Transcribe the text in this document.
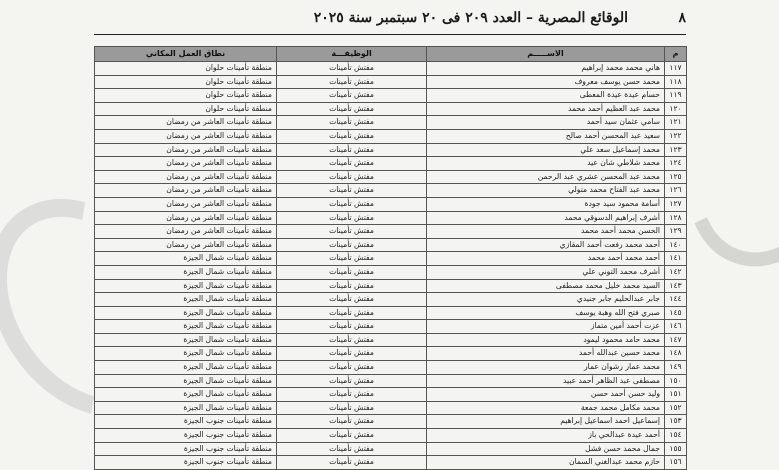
٨
الوقائع المصرية – العدد ٢٠٩ فى ٢٠ سبتمبر سنة ٢٠٢٥
م	الاســـــم	الوظيفـــة	نطاق العمل المكاني
١١٧	هاني محمد محمد إبراهيم	مفتش تأمينات	منطقة تأمينات حلوان
١١٨	محمد حسن يوسف معروف	مفتش تأمينات	منطقة تأمينات حلوان
١١٩	حسام عيدة عيدة المعطى	مفتش تأمينات	منطقة تأمينات حلوان
١٢٠	محمد عبد العظيم أحمد محمد	مفتش تأمينات	منطقة تأمينات حلوان
١٢١	سامي عثمان سيد أحمد	مفتش تأمينات	منطقة تأمينات العاشر من رمضان
١٢٢	سعيد عبد المحسن أحمد صالح	مفتش تأمينات	منطقة تأمينات العاشر من رمضان
١٢٣	محمد إسماعيل سعد علي	مفتش تأمينات	منطقة تأمينات العاشر من رمضان
١٢٤	محمد شلاطي شان عيد	مفتش تأمينات	منطقة تأمينات العاشر من رمضان
١٢٥	محمد عبد المحسن عشري عبد الرحمن	مفتش تأمينات	منطقة تأمينات العاشر من رمضان
١٢٦	محمد عبد الفتاح محمد متولي	مفتش تأمينات	منطقة تأمينات العاشر من رمضان
١٢٧	أسامة محمود سيد جودة	مفتش تأمينات	منطقة تأمينات العاشر من رمضان
١٢٨	أشرف إبراهيم الدسوقي محمد	مفتش تأمينات	منطقة تأمينات العاشر من رمضان
١٢٩	الحسن محمد أحمد محمد	مفتش تأمينات	منطقة تأمينات العاشر من رمضان
١٤٠	أحمد محمد رفعت أحمد المقازي	مفتش تأمينات	منطقة تأمينات العاشر من رمضان
١٤١	أحمد محمد أحمد محمد	مفتش تأمينات	منطقة تأمينات شمال الجيزة
١٤٢	أشرف محمد التوني علي	مفتش تأمينات	منطقة تأمينات شمال الجيزة
١٤٣	السيد محمد خليل محمد مصطفى	مفتش تأمينات	منطقة تأمينات شمال الجيزة
١٤٤	جابر عبدالحليم جابر جنيدي	مفتش تأمينات	منطقة تأمينات شمال الجيزة
١٤٥	صبري فتح الله وهبة يوسف	مفتش تأمينات	منطقة تأمينات شمال الجيزة
١٤٦	عزت أحمد أمين متماز	مفتش تأمينات	منطقة تأمينات شمال الجيزة
١٤٧	محمد حامد محمود ليمود	مفتش تأمينات	منطقة تأمينات شمال الجيزة
١٤٨	محمد حسين عبدالله أحمد	مفتش تأمينات	منطقة تأمينات شمال الجيزة
١٤٩	محمد عمار رشوان عمار	مفتش تأمينات	منطقة تأمينات شمال الجيزة
١٥٠	مصطفى عبد الظاهر أحمد عبيد	مفتش تأمينات	منطقة تأمينات شمال الجيزة
١٥١	وليد حسن أحمد حسن	مفتش تأمينات	منطقة تأمينات شمال الجيزة
١٥٢	محمد مكامل محمد جمعة	مفتش تأمينات	منطقة تأمينات شمال الجيزة
١٥٣	إسماعيل احمد اسماعيل إبراهيم	مفتش تأمينات	منطقة تأمينات جنوب الجيزة
١٥٤	أحمد عيدة عبدالحي باز	مفتش تأمينات	منطقة تأمينات جنوب الجيزة
١٥٥	جمال محمد حسن فشل	مفتش تأمينات	منطقة تأمينات جنوب الجيزة
١٥٦	حازم محمد عبدالغني السمان	مفتش تأمينات	منطقة تأمينات جنوب الجيزة
